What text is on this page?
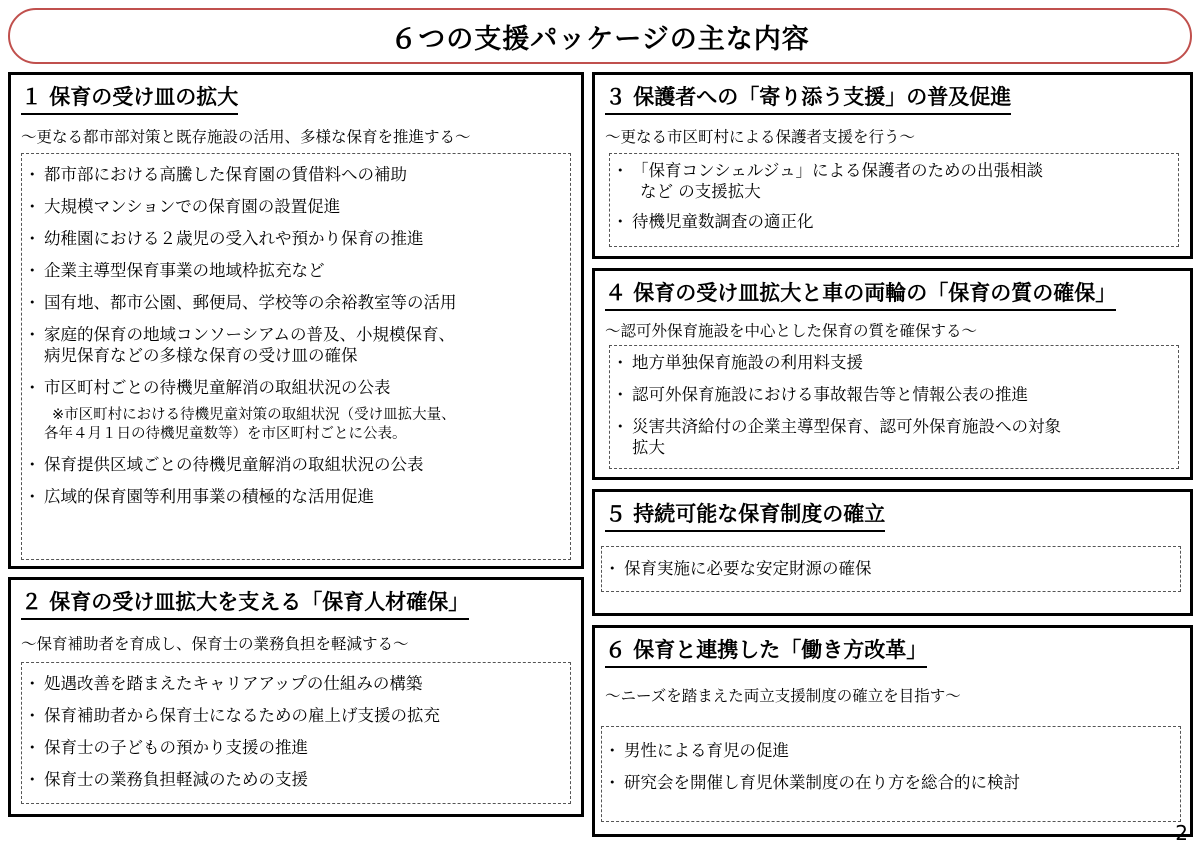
６つの支援パッケージの主な内容
１ 保育の受け皿の拡大
～更なる都市部対策と既存施設の活用、多様な保育を推進する～
・ 都市部における高騰した保育園の賃借料への補助
・ 大規模マンションでの保育園の設置促進
・ 幼稚園における２歳児の受入れや預かり保育の推進
・ 企業主導型保育事業の地域枠拡充など
・ 国有地、都市公園、郵便局、学校等の余裕教室等の活用
・ 家庭的保育の地域コンソーシアムの普及、小規模保育、
病児保育などの多様な保育の受け皿の確保
・ 市区町村ごとの待機児童解消の取組状況の公表
※市区町村における待機児童対策の取組状況（受け皿拡大量、
各年４月１日の待機児童数等）を市区町村ごとに公表。
・ 保育提供区域ごとの待機児童解消の取組状況の公表
・ 広域的保育園等利用事業の積極的な活用促進
２ 保育の受け皿拡大を支える「保育人材確保」
～保育補助者を育成し、保育士の業務負担を軽減する～
・ 処遇改善を踏まえたキャリアアップの仕組みの構築
・ 保育補助者から保育士になるための雇上げ支援の拡充
・ 保育士の子どもの預かり支援の推進
・ 保育士の業務負担軽減のための支援
３ 保護者への「寄り添う支援」の普及促進
～更なる市区町村による保護者支援を行う～
・ 「保育コンシェルジュ」による保護者のための出張相談
など の支援拡大
・ 待機児童数調査の適正化
４ 保育の受け皿拡大と車の両輪の「保育の質の確保」
～認可外保育施設を中心とした保育の質を確保する～
・ 地方単独保育施設の利用料支援
・ 認可外保育施設における事故報告等と情報公表の推進
・ 災害共済給付の企業主導型保育、認可外保育施設への対象
拡大
５ 持続可能な保育制度の確立
・ 保育実施に必要な安定財源の確保
６ 保育と連携した「働き方改革」
～ニーズを踏まえた両立支援制度の確立を目指す～
・ 男性による育児の促進
・ 研究会を開催し育児休業制度の在り方を総合的に検討
2
